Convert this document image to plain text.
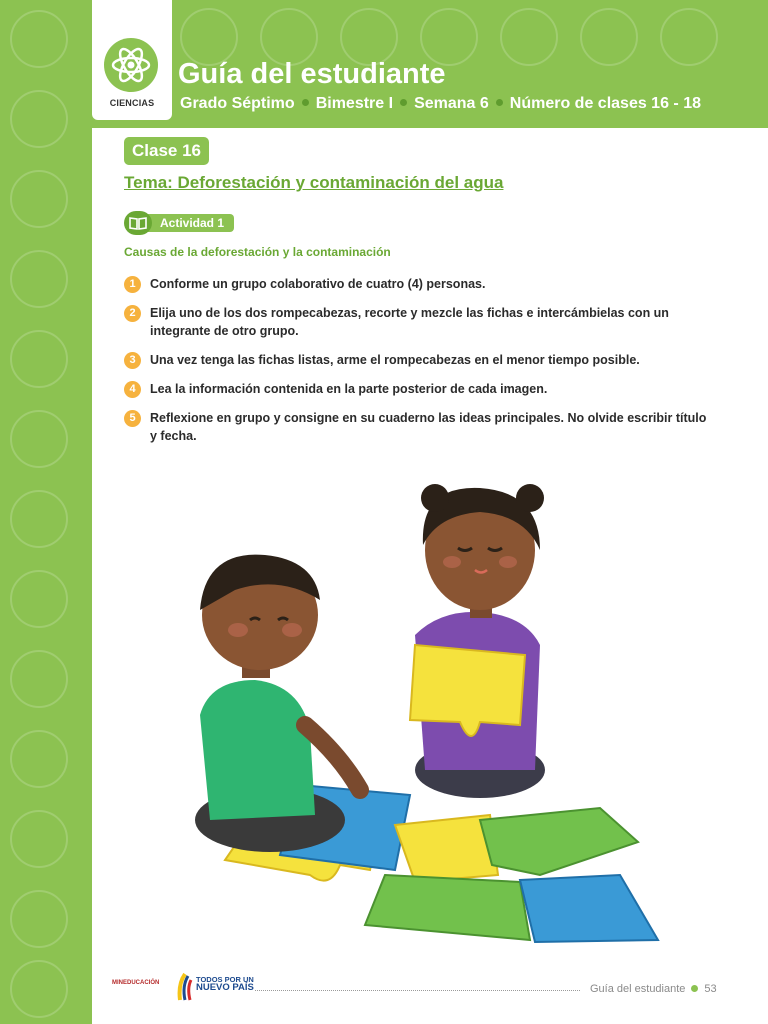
CIENCIAS
Guía del estudiante
Grado Séptimo Bimestre I Semana 6 Número de clases 16 - 18
Clase 16
Tema: Deforestación y contaminación del agua
Actividad 1
Causas de la deforestación y la contaminación
1	Conforme un grupo colaborativo de cuatro (4) personas.
2	Elija uno de los dos rompecabezas, recorte y mezcle las fichas e intercámbielas con un integrante de otro grupo.
3	Una vez tenga las fichas listas, arme el rompecabezas en el menor tiempo posible.
4	Lea la información contenida en la parte posterior de cada imagen.
5	Reflexione en grupo y consigne en su cuaderno las ideas principales. No olvide escribir título y fecha.
MINEDUCACIÓN	TODOS POR UN
NUEVO PAÍS	Guía del estudiante 53
